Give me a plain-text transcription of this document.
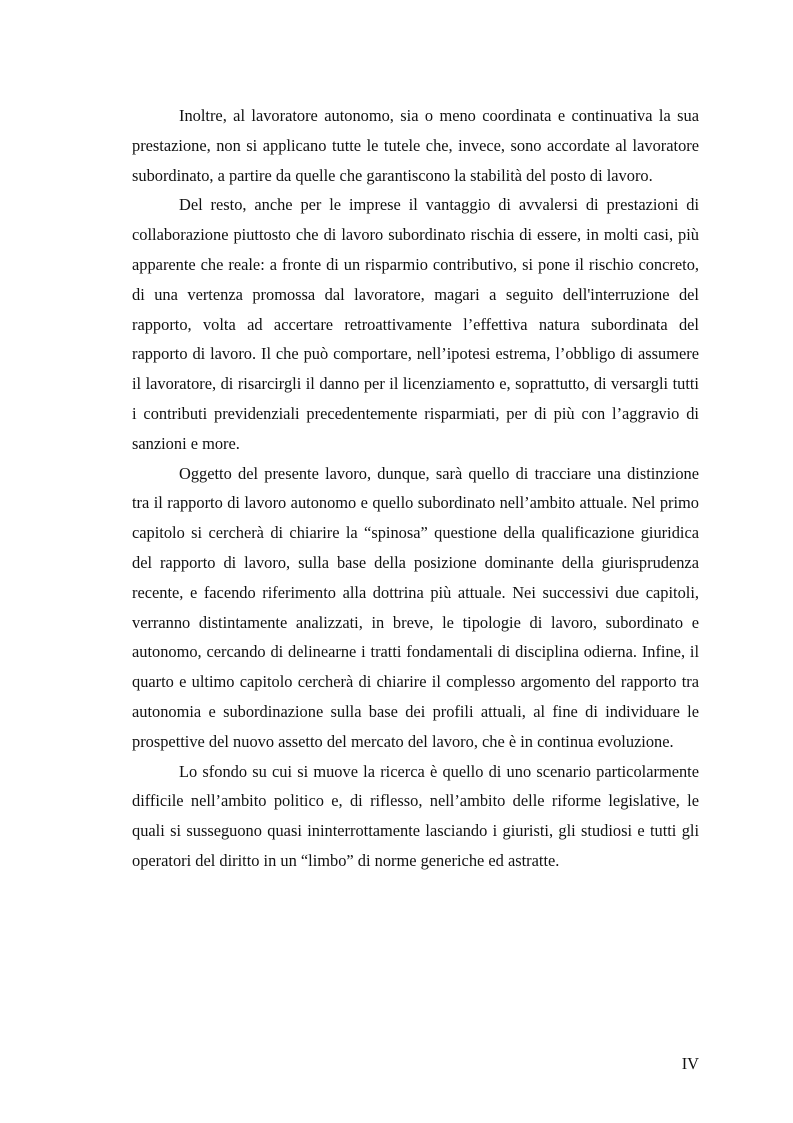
Inoltre, al lavoratore autonomo, sia o meno coordinata e continuativa la sua prestazione, non si applicano tutte le tutele che, invece, sono accordate al lavoratore subordinato, a partire da quelle che garantiscono la stabilità del posto di lavoro.

Del resto, anche per le imprese il vantaggio di avvalersi di prestazioni di collaborazione piuttosto che di lavoro subordinato rischia di essere, in molti casi, più apparente che reale: a fronte di un risparmio contributivo, si pone il rischio concreto, di una vertenza promossa dal lavoratore, magari a seguito dell'interruzione del rapporto, volta ad accertare retroattivamente l’effettiva natura subordinata del rapporto di lavoro. Il che può comportare, nell’ipotesi estrema, l’obbligo di assumere il lavoratore, di risarcirgli il danno per il licenziamento e, soprattutto, di versargli tutti i contributi previdenziali precedentemente risparmiati, per di più con l’aggravio di sanzioni e more.

Oggetto del presente lavoro, dunque, sarà quello di tracciare una distinzione tra il rapporto di lavoro autonomo e quello subordinato nell’ambito attuale. Nel primo capitolo si cercherà di chiarire la “spinosa” questione della qualificazione giuridica del rapporto di lavoro, sulla base della posizione dominante della giurisprudenza recente, e facendo riferimento alla dottrina più attuale. Nei successivi due capitoli, verranno distintamente analizzati, in breve, le tipologie di lavoro, subordinato e autonomo, cercando di delinearne i tratti fondamentali di disciplina odierna. Infine, il quarto e ultimo capitolo cercherà di chiarire il complesso argomento del rapporto tra autonomia e subordinazione sulla base dei profili attuali, al fine di individuare le prospettive del nuovo assetto del mercato del lavoro, che è in continua evoluzione.

Lo sfondo su cui si muove la ricerca è quello di uno scenario particolarmente difficile nell’ambito politico e, di riflesso, nell’ambito delle riforme legislative, le quali si susseguono quasi ininterrottamente lasciando i giuristi, gli studiosi e tutti gli operatori del diritto in un “limbo” di norme generiche ed astratte.

IV
